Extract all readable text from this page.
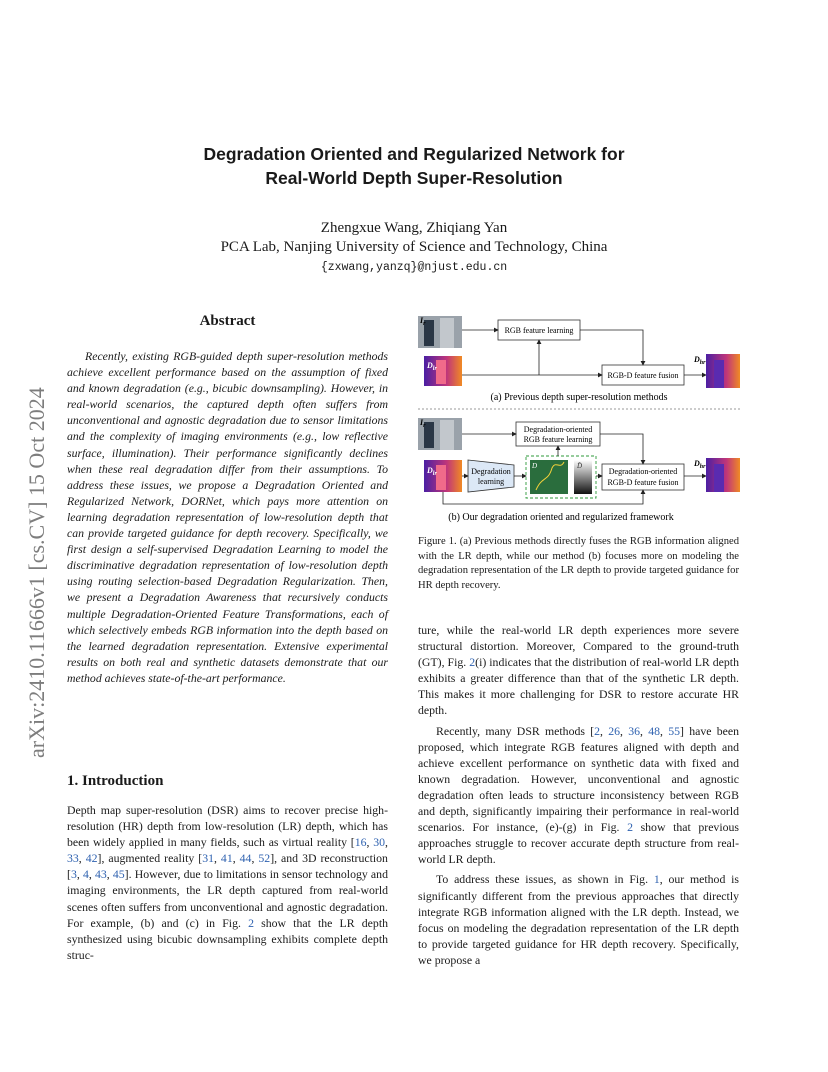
arXiv:2410.11666v1 [cs.CV] 15 Oct 2024
Degradation Oriented and Regularized Network for
Real-World Depth Super-Resolution
Zhengxue Wang, Zhiqiang Yan
PCA Lab, Nanjing University of Science and Technology, China
{zxwang,yanzq}@njust.edu.cn
Abstract

Recently, existing RGB-guided depth super-resolution methods achieve excellent performance based on the assumption of fixed and known degradation (e.g., bicubic downsampling). However, in real-world scenarios, the captured depth often suffers from unconventional and agnostic degradation due to sensor limitations and the complexity of imaging environments (e.g., low reflective surface, illumination). Their performance significantly declines when these real degradation differ from their assumptions. To address these issues, we propose a Degradation Oriented and Regularized Network, DORNet, which pays more attention on learning degradation representation of low-resolution depth that can provide targeted guidance for depth recovery. Specifically, we first design a self-supervised Degradation Learning to model the discriminative degradation representation of low-resolution depth using routing selection-based Degradation Regularization. Then, we present a Degradation Awareness that recursively conducts multiple Degradation-Oriented Feature Transformations, each of which selectively embeds RGB information into the depth based on the learned degradation representation. Extensive experimental results on both real and synthetic datasets demonstrate that our method achieves state-of-the-art performance.

1. Introduction

Depth map super-resolution (DSR) aims to recover precise high-resolution (HR) depth from low-resolution (LR) depth, which has been widely applied in many fields, such as virtual reality [16, 30, 33, 42], augmented reality [31, 41, 44, 52], and 3D reconstruction [3, 4, 43, 45]. However, due to limitations in sensor technology and imaging environments, the LR depth captured from real-world scenes often suffers from unconventional and agnostic degradation. For example, (b) and (c) in Fig. 2 show that the LR depth synthesized using bicubic downsampling exhibits complete depth struc-

$I_r$
$D_{lr}$
RGB feature learning
RGB-D feature fusion
$D_{hr}$
(a) Previous depth super-resolution methods
$I_r$
$D_{lr}$
Degradation-oriented
RGB feature learning
Degradation
learning
D	D̂
Degradation-oriented
RGB-D feature fusion
$D_{hr}$
(b) Our degradation oriented and regularized framework
Figure 1. (a) Previous methods directly fuses the RGB information aligned with the LR depth, while our method (b) focuses more on modeling the degradation representation of the LR depth to provide targeted guidance for HR depth recovery.

ture, while the real-world LR depth experiences more severe structural distortion. Moreover, Compared to the ground-truth (GT), Fig. 2(i) indicates that the distribution of real-world LR depth exhibits a greater difference than that of the synthetic LR depth. This makes it more challenging for DSR to restore accurate HR depth.

Recently, many DSR methods [2, 26, 36, 48, 55] have been proposed, which integrate RGB features aligned with depth and achieve excellent performance on synthetic data with fixed and known degradation. However, unconventional and agnostic degradation often leads to structure inconsistency between RGB and depth, significantly impairing their performance in real-world scenarios. For instance, (e)-(g) in Fig. 2 show that previous approaches struggle to recover accurate depth structure from real-world LR depth.

To address these issues, as shown in Fig. 1, our method is significantly different from the previous approaches that directly integrate RGB information aligned with the LR depth. Instead, we focus on modeling the degradation representation of the LR depth to provide targeted guidance for HR depth recovery. Specifically, we propose a
